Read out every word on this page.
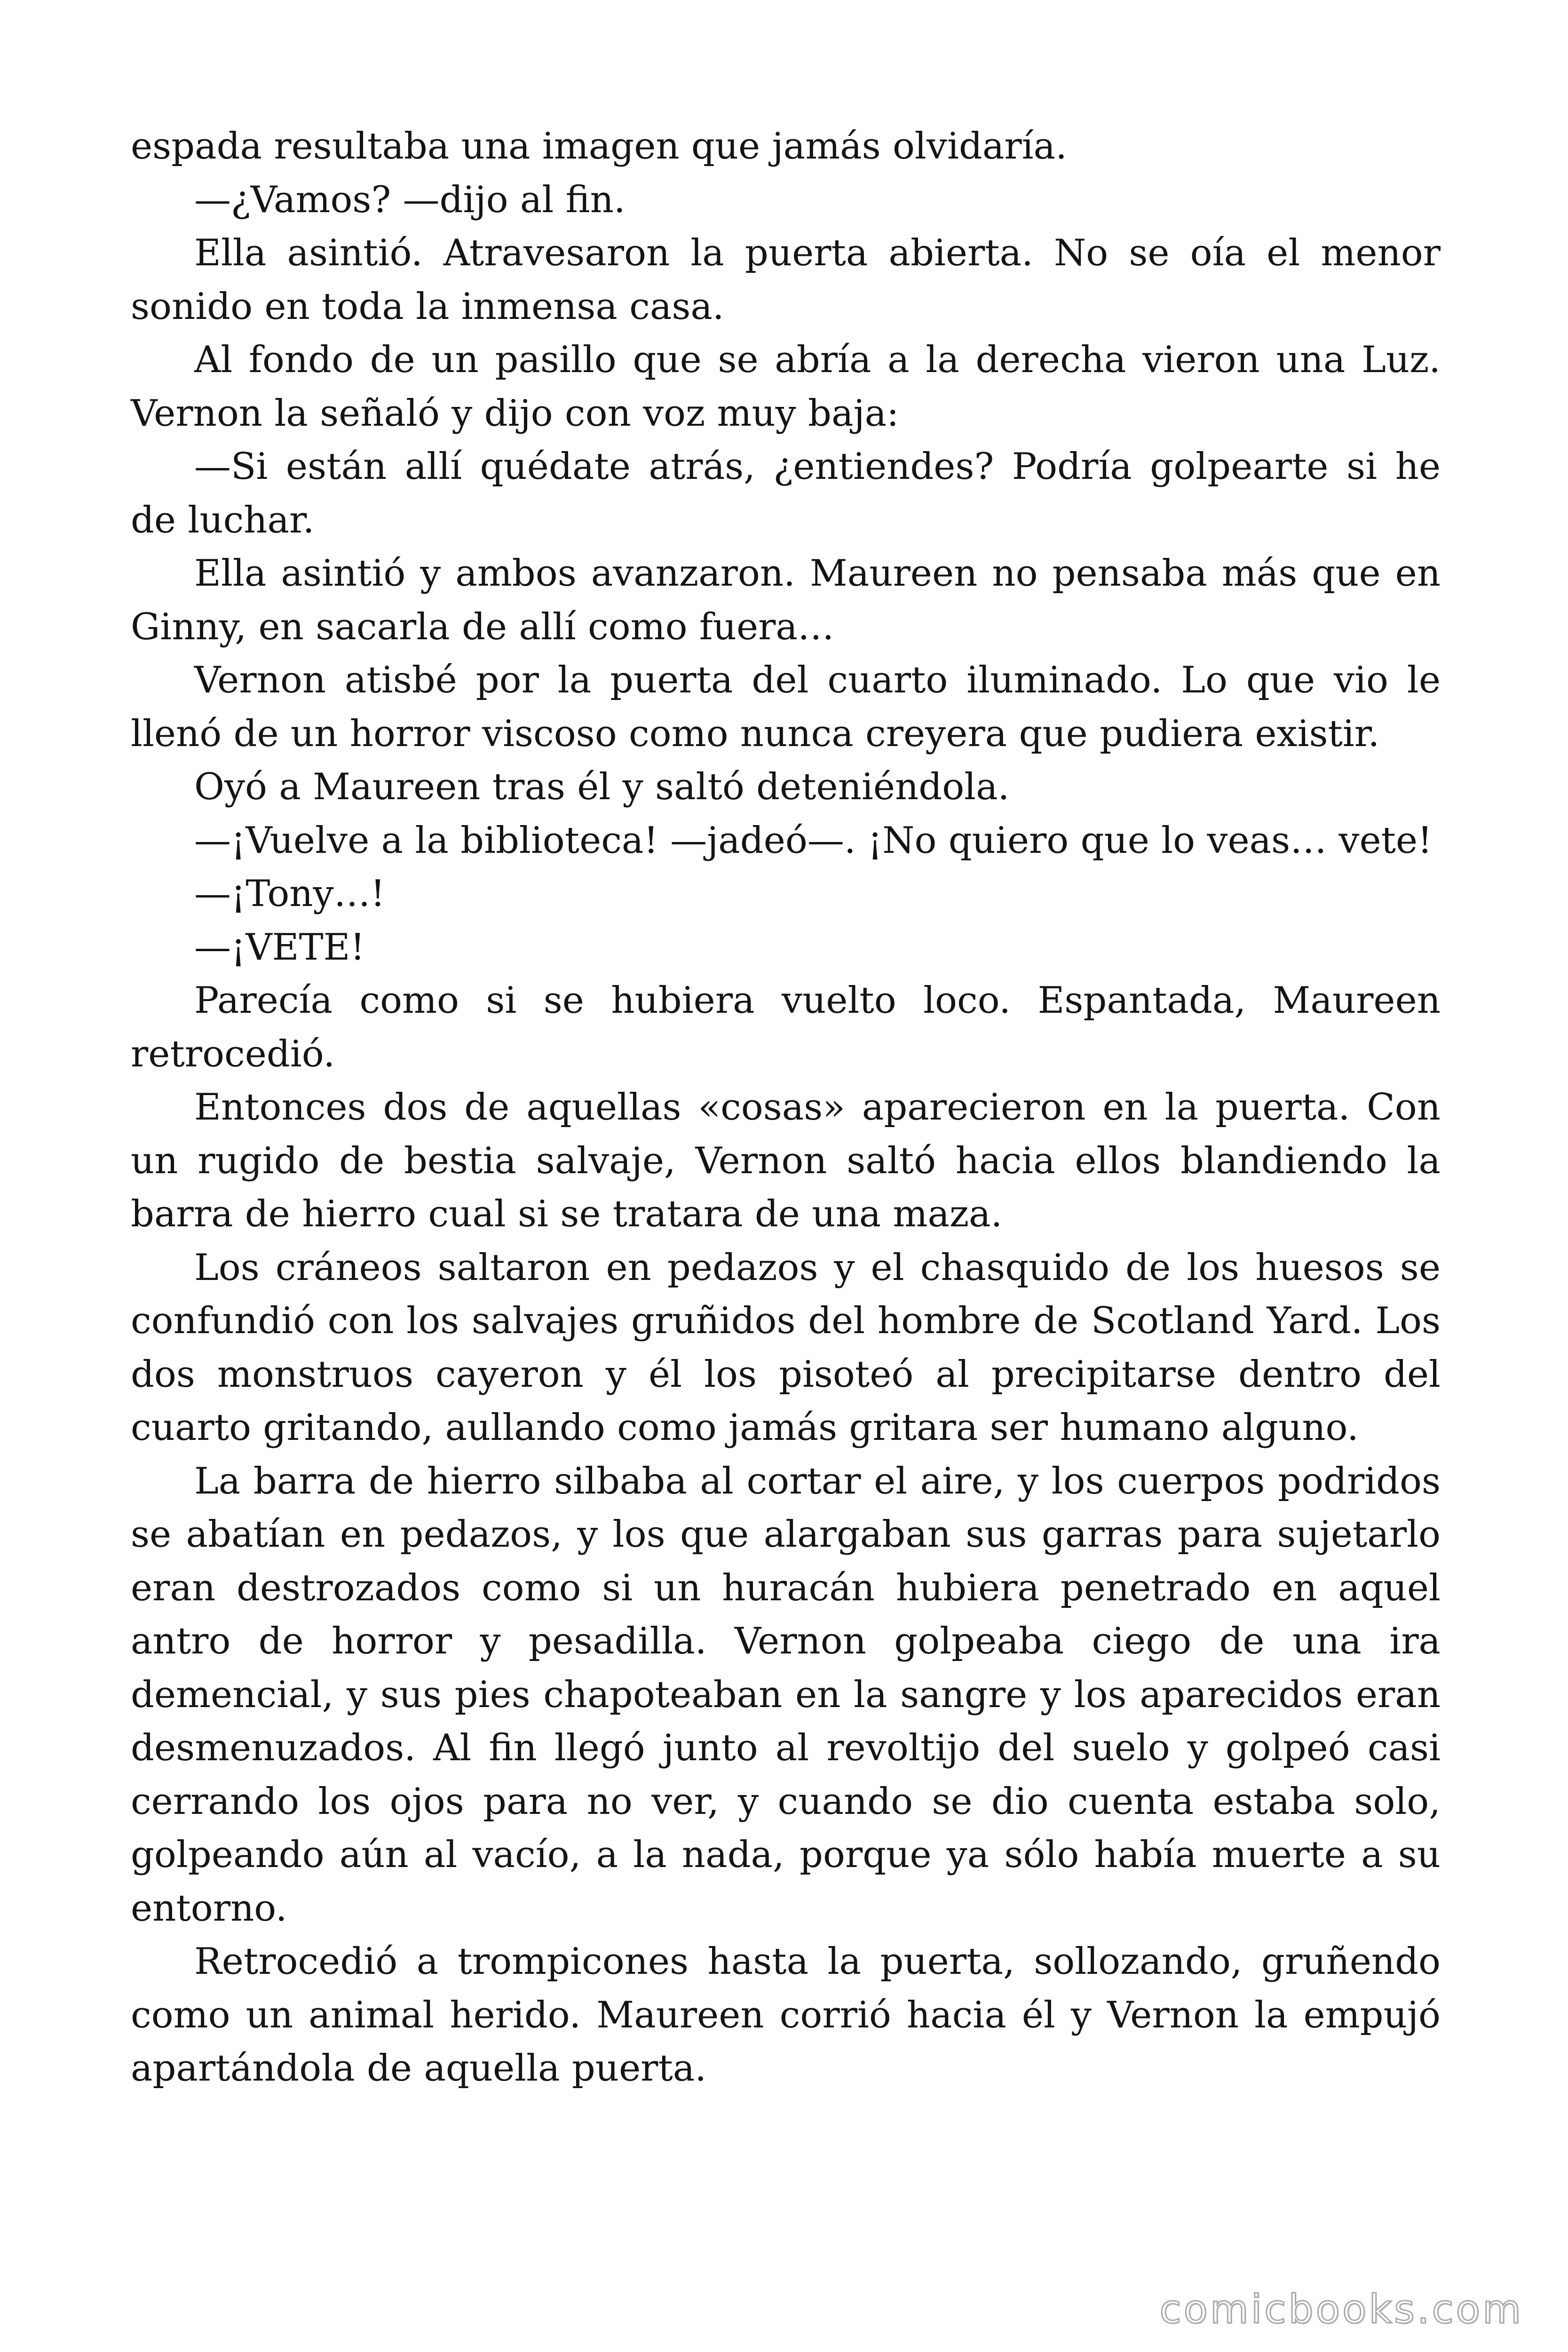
espada resultaba una imagen que jamás olvidaría.

—¿Vamos? —dijo al fin.

Ella asintió. Atravesaron la puerta abierta. No se oía el menor sonido en toda la inmensa casa.

Al fondo de un pasillo que se abría a la derecha vieron una Luz. Vernon la señaló y dijo con voz muy baja:

—Si están allí quédate atrás, ¿entiendes? Podría golpearte si he de luchar.

Ella asintió y ambos avanzaron. Maureen no pensaba más que en Ginny, en sacarla de allí como fuera…

Vernon atisbé por la puerta del cuarto iluminado. Lo que vio le llenó de un horror viscoso como nunca creyera que pudiera existir.

Oyó a Maureen tras él y saltó deteniéndola.

—¡Vuelve a la biblioteca! —jadeó—. ¡No quiero que lo veas… vete!

—¡Tony…!

—¡VETE!

Parecía como si se hubiera vuelto loco. Espantada, Maureen retrocedió.

Entonces dos de aquellas «cosas» aparecieron en la puerta. Con un rugido de bestia salvaje, Vernon saltó hacia ellos blandiendo la barra de hierro cual si se tratara de una maza.

Los cráneos saltaron en pedazos y el chasquido de los huesos se confundió con los salvajes gruñidos del hombre de Scotland Yard. Los dos monstruos cayeron y él los pisoteó al precipitarse dentro del cuarto gritando, aullando como jamás gritara ser humano alguno.

La barra de hierro silbaba al cortar el aire, y los cuerpos podridos se abatían en pedazos, y los que alargaban sus garras para sujetarlo eran destrozados como si un huracán hubiera penetrado en aquel antro de horror y pesadilla. Vernon golpeaba ciego de una ira demencial, y sus pies chapoteaban en la sangre y los aparecidos eran desmenuzados. Al fin llegó junto al revoltijo del suelo y golpeó casi cerrando los ojos para no ver, y cuando se dio cuenta estaba solo, golpeando aún al vacío, a la nada, porque ya sólo había muerte a su entorno.

Retrocedió a trompicones hasta la puerta, sollozando, gruñendo como un animal herido. Maureen corrió hacia él y Vernon la empujó apartándola de aquella puerta.

comicbooks.com
